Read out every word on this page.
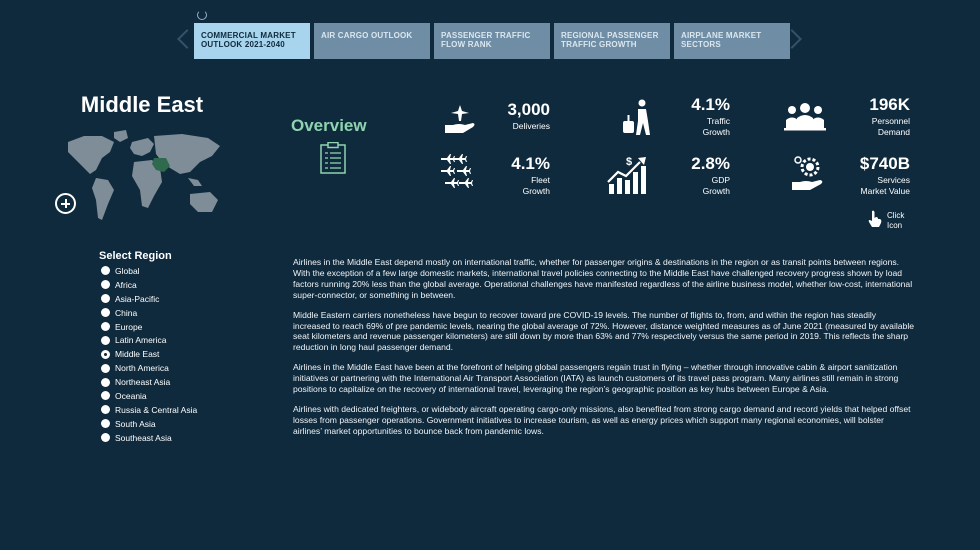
COMMERCIAL MARKET OUTLOOK 2021-2040
AIR CARGO OUTLOOK	PASSENGER TRAFFIC FLOW RANK
REGIONAL PASSENGER TRAFFIC GROWTH
AIRPLANE MARKET SECTORS
Middle East
Select Region
Global
Africa
Asia-Pacific
China
Europe
Latin America
Middle East
North America
Northeast Asia
Oceania
Russia & Central Asia
South Asia
Southeast Asia
Overview
3,000
Deliveries
4.1%
Traffic
Growth
196K
Personnel
Demand
4.1%
Fleet
Growth
$	2.8%
GDP
Growth
$740B
Services
Market Value
Click
Icon

Airlines in the Middle East depend mostly on international traffic, whether for passenger origins & destinations in the region or as transit points between regions. With the exception of a few large domestic markets, international travel policies connecting to the Middle East have challenged recovery progress shown by load factors running 20% less than the global average. Operational challenges have manifested regardless of the airline business model, whether low-cost, international super-connector, or something in between.

Middle Eastern carriers nonetheless have begun to recover toward pre COVID-19 levels. The number of flights to, from, and within the region has steadily increased to reach 69% of pre pandemic levels, nearing the global average of 72%. However, distance weighted measures as of June 2021 (measured by available seat kilometers and revenue passenger kilometers) are still down by more than 63% and 77% respectively versus the same period in 2019. This reflects the sharp reduction in long haul passenger demand.

Airlines in the Middle East have been at the forefront of helping global passengers regain trust in flying – whether through innovative cabin & airport sanitization initiatives or partnering with the International Air Transport Association (IATA) as launch customers of its travel pass program. Many airlines still remain in strong positions to capitalize on the recovery of international travel, leveraging the region’s geographic position as key hubs between Europe & Asia.

Airlines with dedicated freighters, or widebody aircraft operating cargo-only missions, also benefited from strong cargo demand and record yields that helped offset losses from passenger operations. Government initiatives to increase tourism, as well as energy prices which support many regional economies, will bolster airlines’ market opportunities to bounce back from pandemic lows.
